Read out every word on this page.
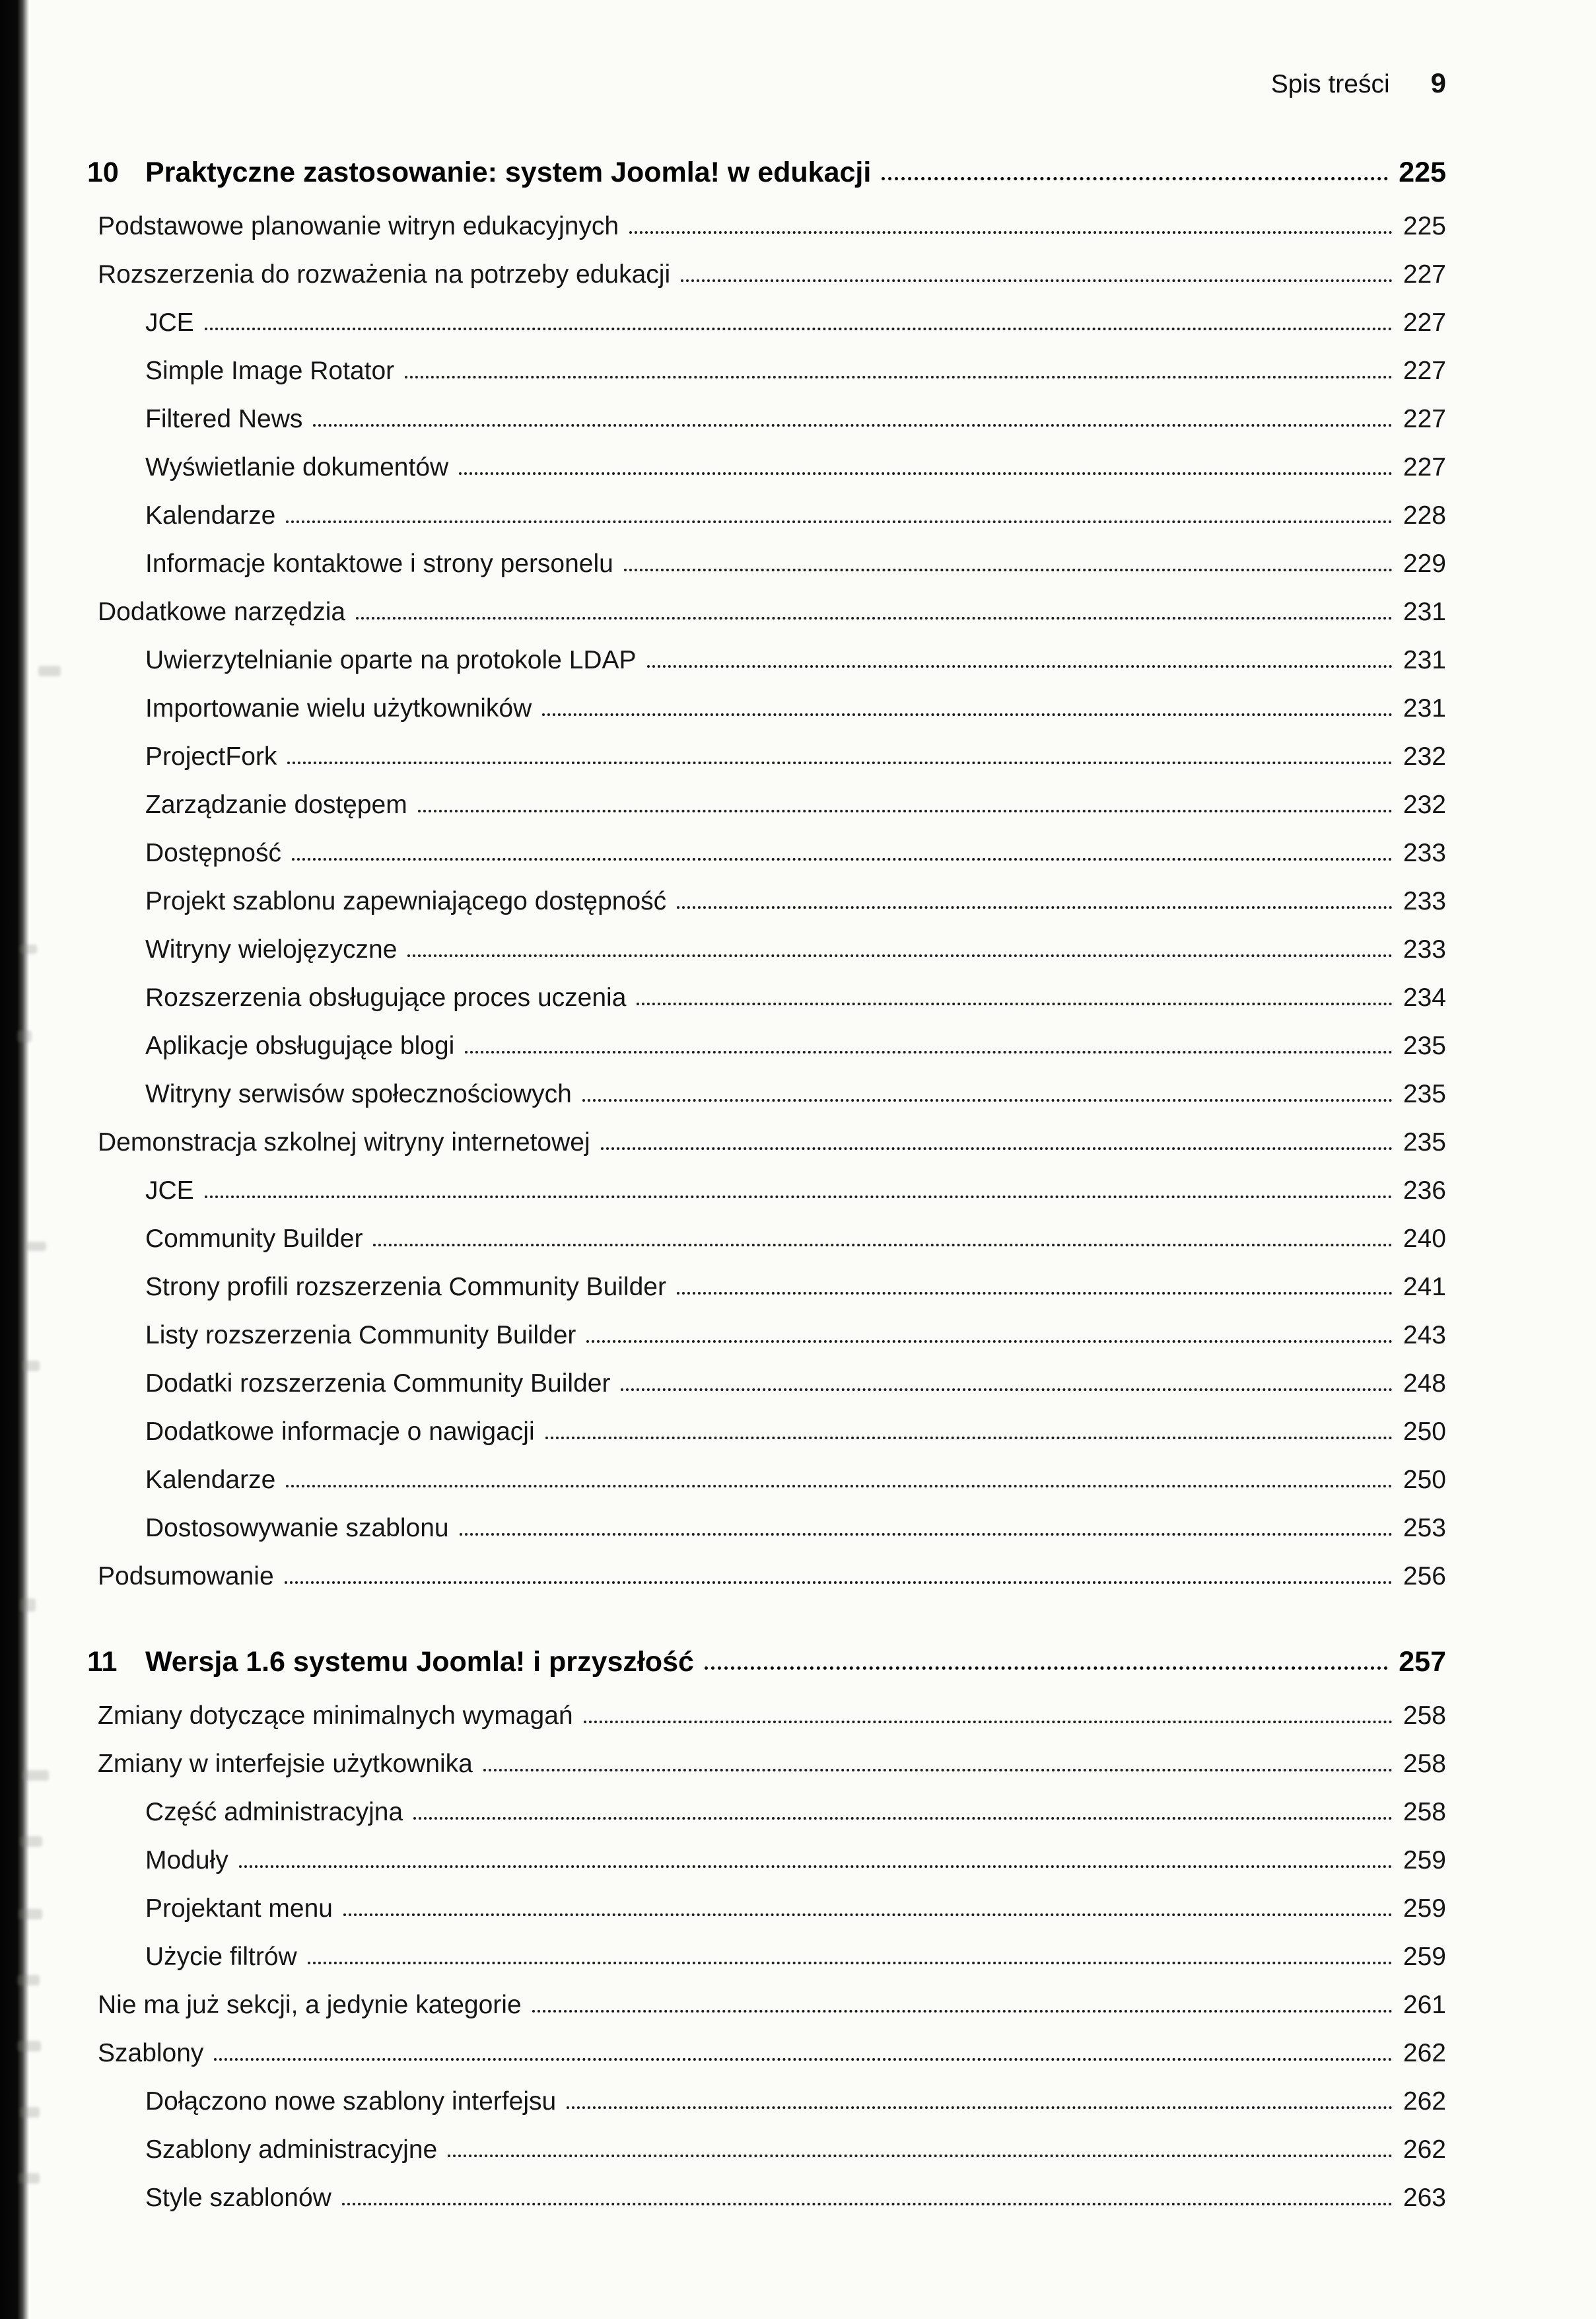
Spis treści 9
10 Praktyczne zastosowanie: system Joomla! w edukacji	225
Podstawowe planowanie witryn edukacyjnych	225
Rozszerzenia do rozważenia na potrzeby edukacji	227
JCE	227
Simple Image Rotator	227
Filtered News	227
Wyświetlanie dokumentów	227
Kalendarze	228
Informacje kontaktowe i strony personelu	229
Dodatkowe narzędzia	231
Uwierzytelnianie oparte na protokole LDAP	231
Importowanie wielu użytkowników	231
ProjectFork	232
Zarządzanie dostępem	232
Dostępność	233
Projekt szablonu zapewniającego dostępność	233
Witryny wielojęzyczne	233
Rozszerzenia obsługujące proces uczenia	234
Aplikacje obsługujące blogi	235
Witryny serwisów społecznościowych	235
Demonstracja szkolnej witryny internetowej	235
JCE	236
Community Builder	240
Strony profili rozszerzenia Community Builder	241
Listy rozszerzenia Community Builder	243
Dodatki rozszerzenia Community Builder	248
Dodatkowe informacje o nawigacji	250
Kalendarze	250
Dostosowywanie szablonu	253
Podsumowanie	256
11 Wersja 1.6 systemu Joomla! i przyszłość	257
Zmiany dotyczące minimalnych wymagań	258
Zmiany w interfejsie użytkownika	258
Część administracyjna	258
Moduły	259
Projektant menu	259
Użycie filtrów	259
Nie ma już sekcji, a jedynie kategorie	261
Szablony	262
Dołączono nowe szablony interfejsu	262
Szablony administracyjne	262
Style szablonów	263
